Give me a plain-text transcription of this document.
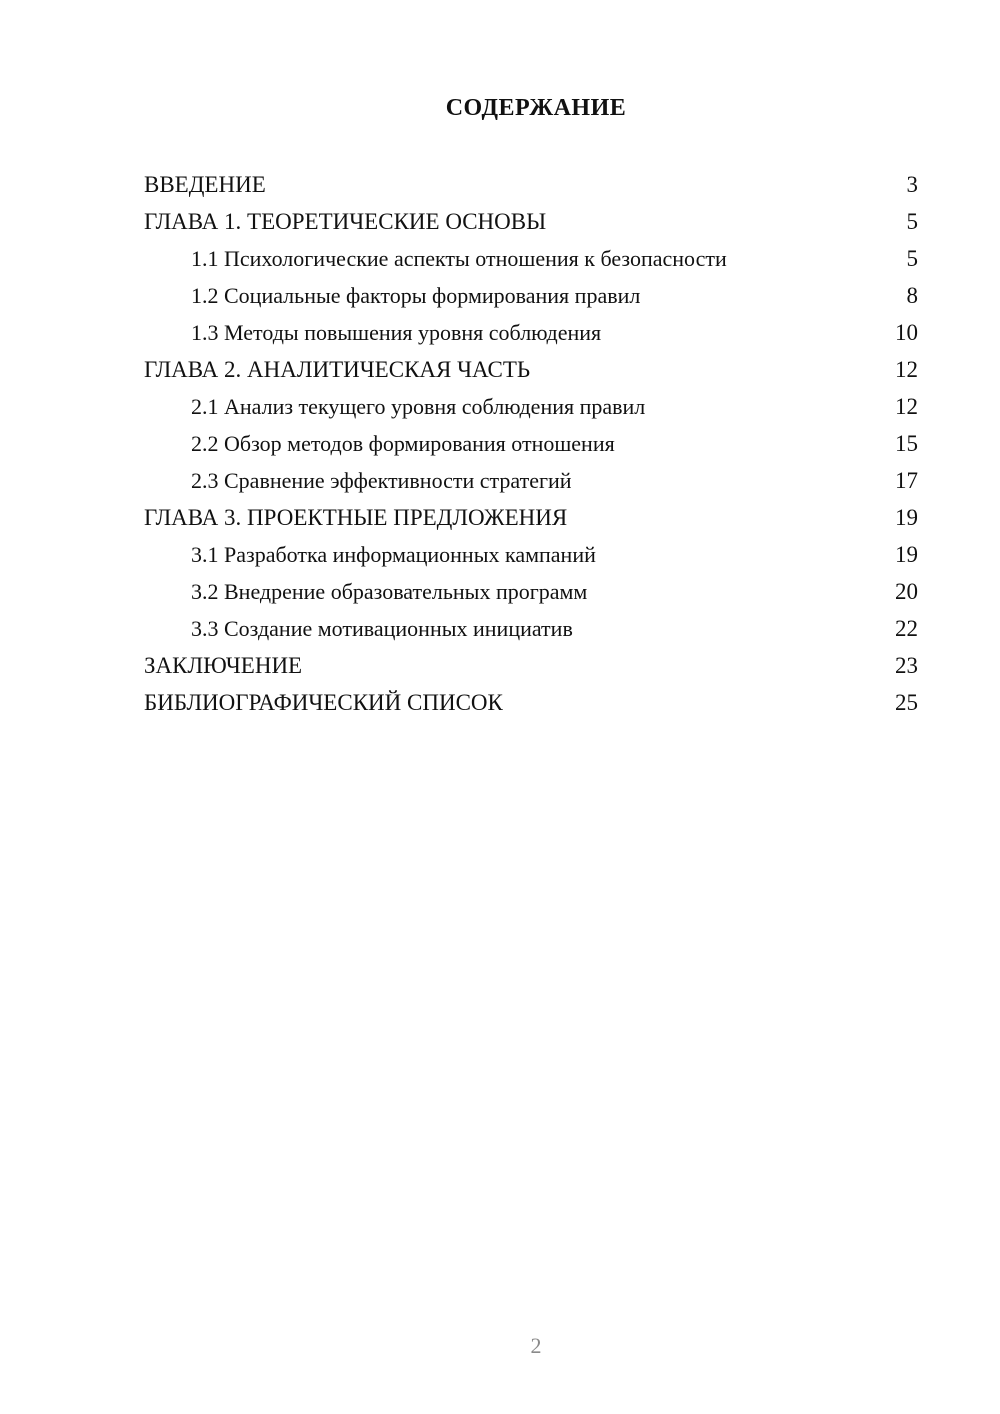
СОДЕРЖАНИЕ
ВВЕДЕНИЕ	3
ГЛАВА 1. ТЕОРЕТИЧЕСКИЕ ОСНОВЫ	5
1.1 Психологические аспекты отношения к безопасности	5
1.2 Социальные факторы формирования правил	8
1.3 Методы повышения уровня соблюдения	10
ГЛАВА 2. АНАЛИТИЧЕСКАЯ ЧАСТЬ	12
2.1 Анализ текущего уровня соблюдения правил	12
2.2 Обзор методов формирования отношения	15
2.3 Сравнение эффективности стратегий	17
ГЛАВА 3. ПРОЕКТНЫЕ ПРЕДЛОЖЕНИЯ	19
3.1 Разработка информационных кампаний	19
3.2 Внедрение образовательных программ	20
3.3 Создание мотивационных инициатив	22
ЗАКЛЮЧЕНИЕ	23
БИБЛИОГРАФИЧЕСКИЙ СПИСОК	25
2
